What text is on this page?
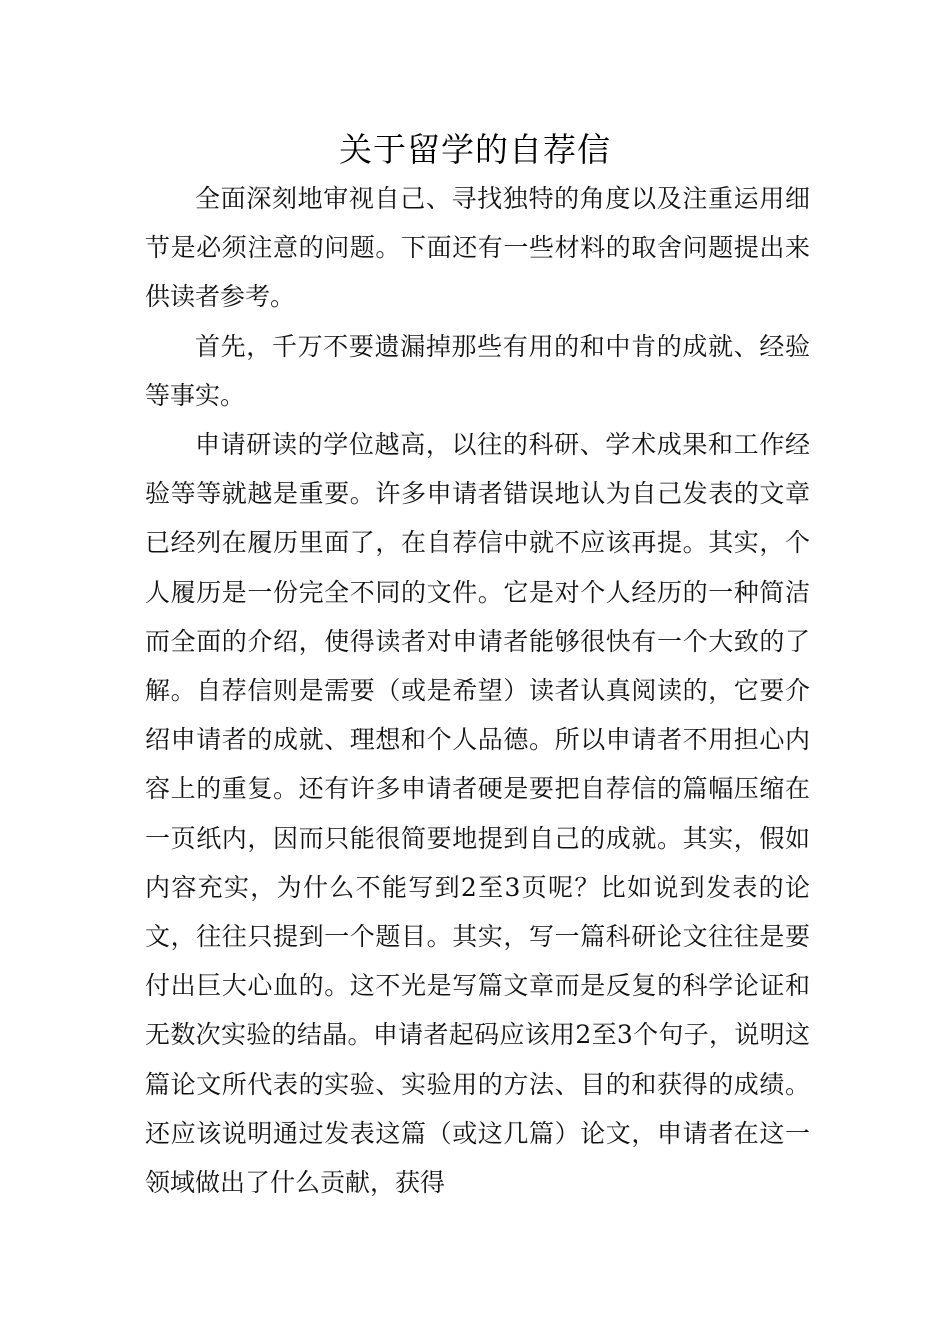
关于留学的自荐信

全面深刻地审视自己、寻找独特的角度以及注重运用细节是必须注意的问题。下面还有一些材料的取舍问题提出来供读者参考。

首先，千万不要遗漏掉那些有用的和中肯的成就、经验等事实。

申请研读的学位越高，以往的科研、学术成果和工作经验等等就越是重要。许多申请者错误地认为自己发表的文章已经列在履历里面了，在自荐信中就不应该再提。其实，个人履历是一份完全不同的文件。它是对个人经历的一种简洁而全面的介绍，使得读者对申请者能够很快有一个大致的了解。自荐信则是需要（或是希望）读者认真阅读的，它要介绍申请者的成就、理想和个人品德。所以申请者不用担心内容上的重复。还有许多申请者硬是要把自荐信的篇幅压缩在一页纸内，因而只能很简要地提到自己的成就。其实，假如内容充实，为什么不能写到2至3页呢？比如说到发表的论文，往往只提到一个题目。其实，写一篇科研论文往往是要付出巨大心血的。这不光是写篇文章而是反复的科学论证和无数次实验的结晶。申请者起码应该用2至3个句子，说明这篇论文所代表的实验、实验用的方法、目的和获得的成绩。还应该说明通过发表这篇（或这几篇）论文，申请者在这一领域做出了什么贡献，获得
